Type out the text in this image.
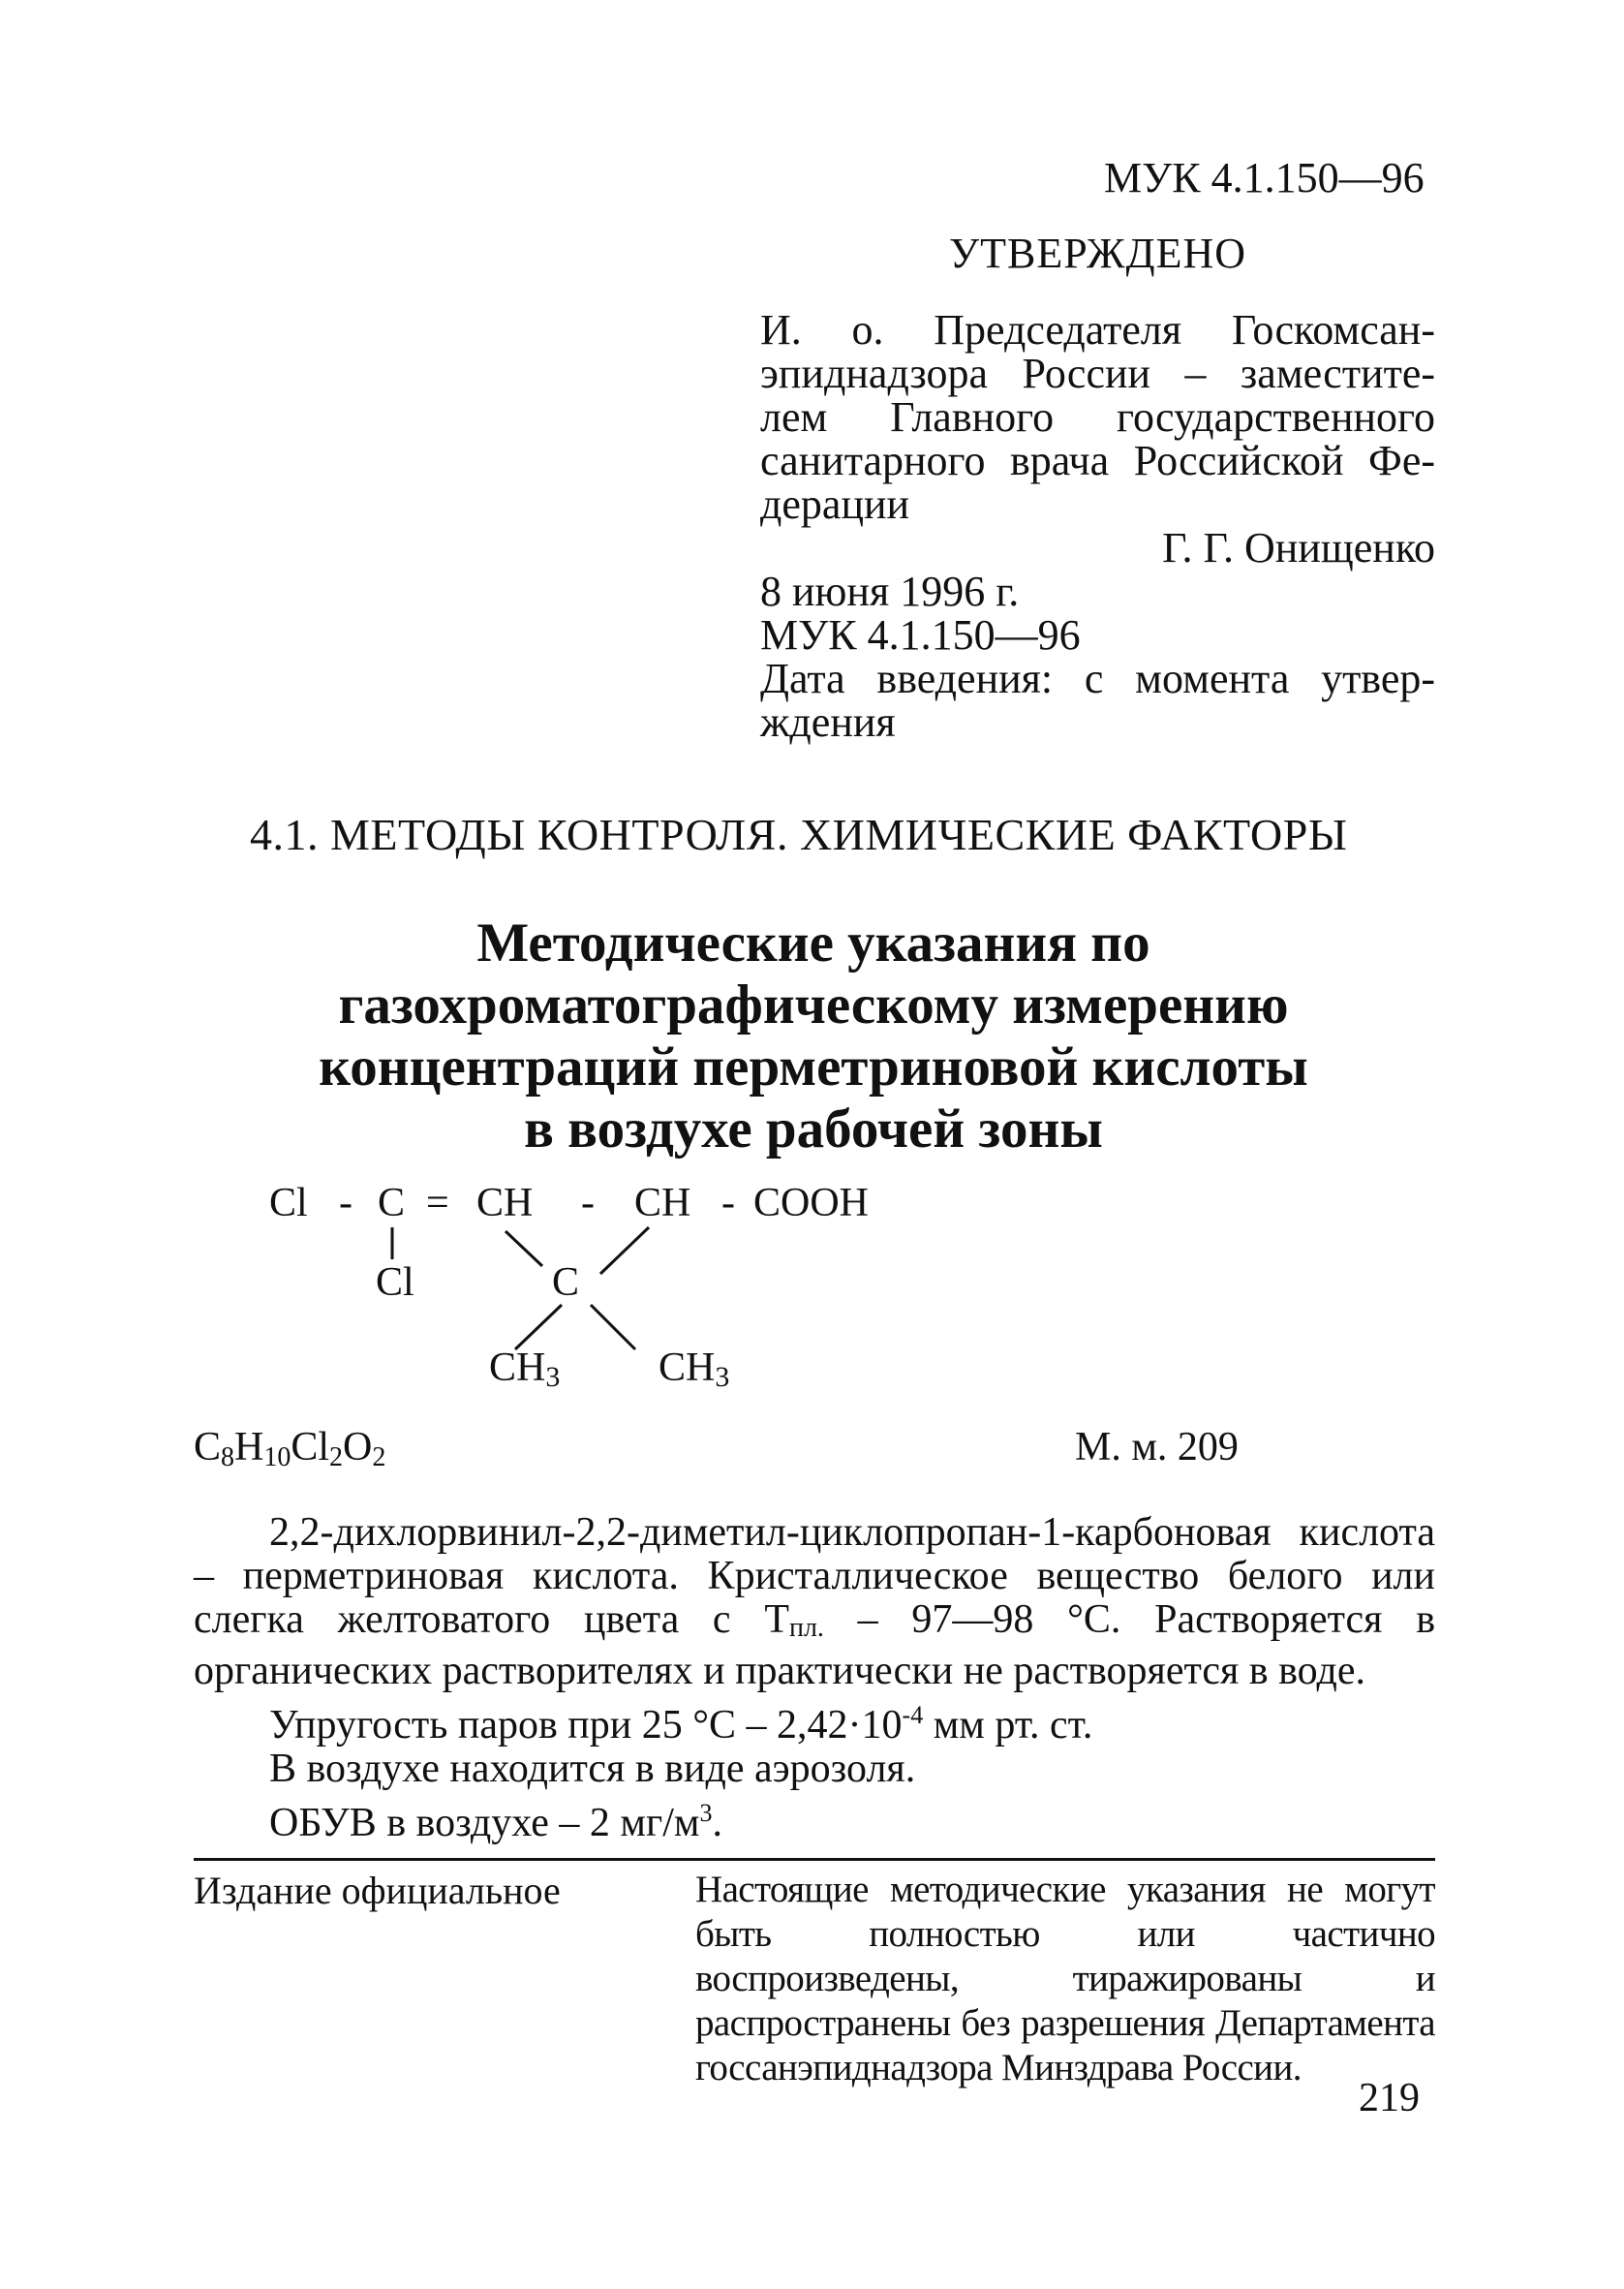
МУК 4.1.150—96
УТВЕРЖДЕНО
И. о. Председателя Госкомсан-
эпиднадзора России – заместите-
лем Главного государственного
санитарного врача Российской Фе-
дерации
Г. Г. Онищенко
8 июня 1996 г.
МУК 4.1.150—96
Дата введения: с момента утвер-
ждения
4.1. МЕТОДЫ КОНТРОЛЯ. ХИМИЧЕСКИЕ ФАКТОРЫ
Методические указания по
газохроматографическому измерению
концентраций перметриновой кислоты
в воздухе рабочей зоны
Cl - C = CH - CH - COOH
Cl	C
CH3 CH3
$C_8H_{10}Cl_2O_2$	М. м. 209

2,2-дихлорвинил-2,2-диметил-циклопропан-1-карбоновая кислота – перметриновая кислота. Кристаллическое вещество белого или слегка желтоватого цвета с Тпл. – 97—98 °С. Растворяется в органических растворителях и практически не растворяется в воде.

Упругость паров при 25 $^\circ С - 2,42\cdot 10^{-4}$ мм рт. ст.

В воздухе находится в виде аэрозоля.

ОБУВ в воздухе – 2 $мг/м^3$.

Издание официальное	Настоящие методические указания не могут быть полностью или частично воспроизведены, тиражированы и распространены без разрешения Департамента госсанэпиднадзора Минздрава России.
219
